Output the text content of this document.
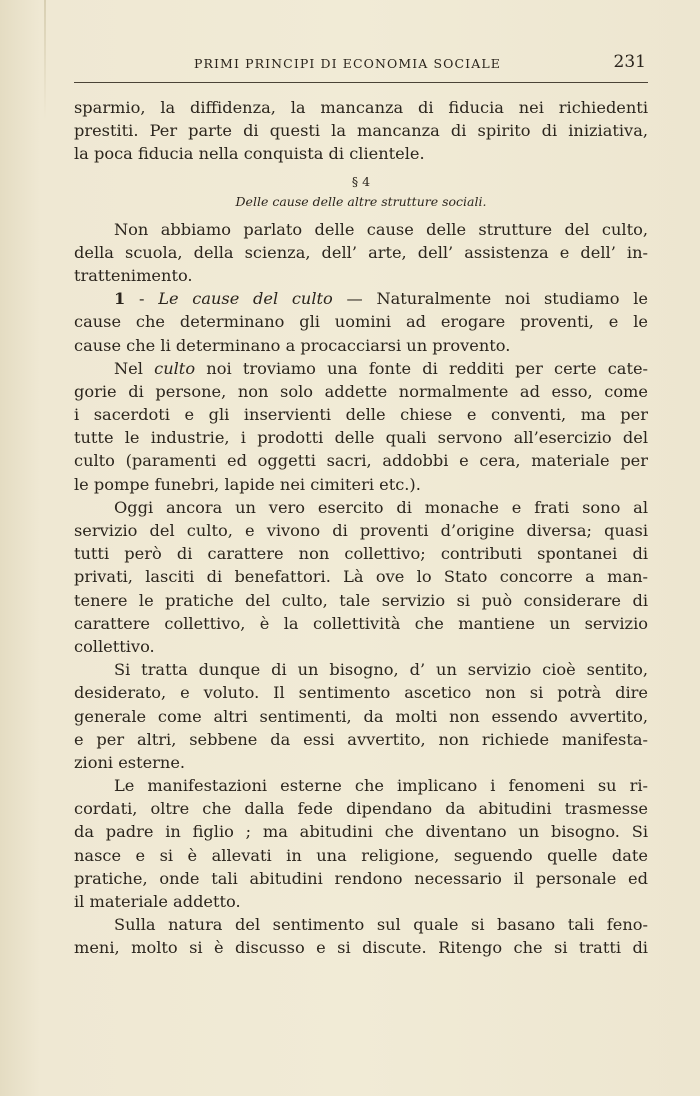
PRIMI PRINCIPI DI ECONOMIA SOCIALE	231
sparmio, la diffidenza, la mancanza di fiducia nei richiedenti
prestiti. Per parte di questi la mancanza di spirito di iniziativa,
la poca fiducia nella conquista di clientele.
§ 4
Delle cause delle altre strutture sociali.
Non abbiamo parlato delle cause delle strutture del culto,
della scuola, della scienza, dell’ arte, dell’ assistenza e dell’ in-
trattenimento.
1 - Le cause del culto — Naturalmente noi studiamo le
cause che determinano gli uomini ad erogare proventi, e le
cause che li determinano a procacciarsi un provento.
Nel culto noi troviamo una fonte di redditi per certe cate-
gorie di persone, non solo addette normalmente ad esso, come
i sacerdoti e gli inservienti delle chiese e conventi, ma per
tutte le industrie, i prodotti delle quali servono all’esercizio del
culto (paramenti ed oggetti sacri, addobbi e cera, materiale per
le pompe funebri, lapide nei cimiteri etc.).
Oggi ancora un vero esercito di monache e frati sono al
servizio del culto, e vivono di proventi d’origine diversa; quasi
tutti però di carattere non collettivo; contributi spontanei di
privati, lasciti di benefattori. Là ove lo Stato concorre a man-
tenere le pratiche del culto, tale servizio si può considerare di
carattere collettivo, è la collettività che mantiene un servizio
collettivo.
Si tratta dunque di un bisogno, d’ un servizio cioè sentito,
desiderato, e voluto. Il sentimento ascetico non si potrà dire
generale come altri sentimenti, da molti non essendo avvertito,
e per altri, sebbene da essi avvertito, non richiede manifesta-
zioni esterne.
Le manifestazioni esterne che implicano i fenomeni su ri-
cordati, oltre che dalla fede dipendano da abitudini trasmesse
da padre in figlio ; ma abitudini che diventano un bisogno. Si
nasce e si è allevati in una religione, seguendo quelle date
pratiche, onde tali abitudini rendono necessario il personale ed
il materiale addetto.
Sulla natura del sentimento sul quale si basano tali feno-
meni, molto si è discusso e si discute. Ritengo che si tratti di
